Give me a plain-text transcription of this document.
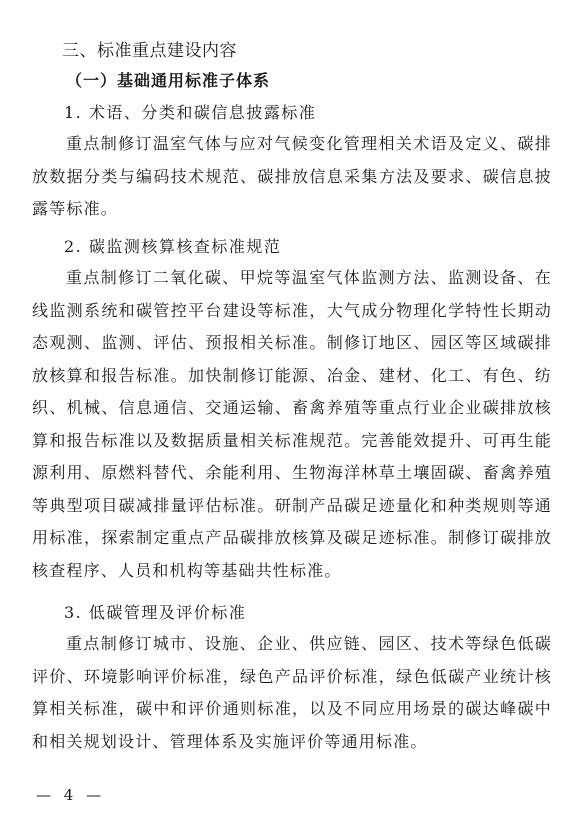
三、标准重点建设内容
（一）基础通用标准子体系
1. 术语、分类和碳信息披露标准
重点制修订温室气体与应对气候变化管理相关术语及定义、碳排放数据分类与编码技术规范、碳排放信息采集方法及要求、碳信息披露等标准。
2. 碳监测核算核查标准规范
重点制修订二氧化碳、甲烷等温室气体监测方法、监测设备、在线监测系统和碳管控平台建设等标准，大气成分物理化学特性长期动态观测、监测、评估、预报相关标准。制修订地区、园区等区域碳排放核算和报告标准。加快制修订能源、冶金、建材、化工、有色、纺织、机械、信息通信、交通运输、畜禽养殖等重点行业企业碳排放核算和报告标准以及数据质量相关标准规范。完善能效提升、可再生能源利用、原燃料替代、余能利用、生物海洋林草土壤固碳、畜禽养殖等典型项目碳减排量评估标准。研制产品碳足迹量化和种类规则等通用标准，探索制定重点产品碳排放核算及碳足迹标准。制修订碳排放核查程序、人员和机构等基础共性标准。
3. 低碳管理及评价标准
重点制修订城市、设施、企业、供应链、园区、技术等绿色低碳评价、环境影响评价标准，绿色产品评价标准，绿色低碳产业统计核算相关标准，碳中和评价通则标准，以及不同应用场景的碳达峰碳中和相关规划设计、管理体系及实施评价等通用标准。
— 4 —
